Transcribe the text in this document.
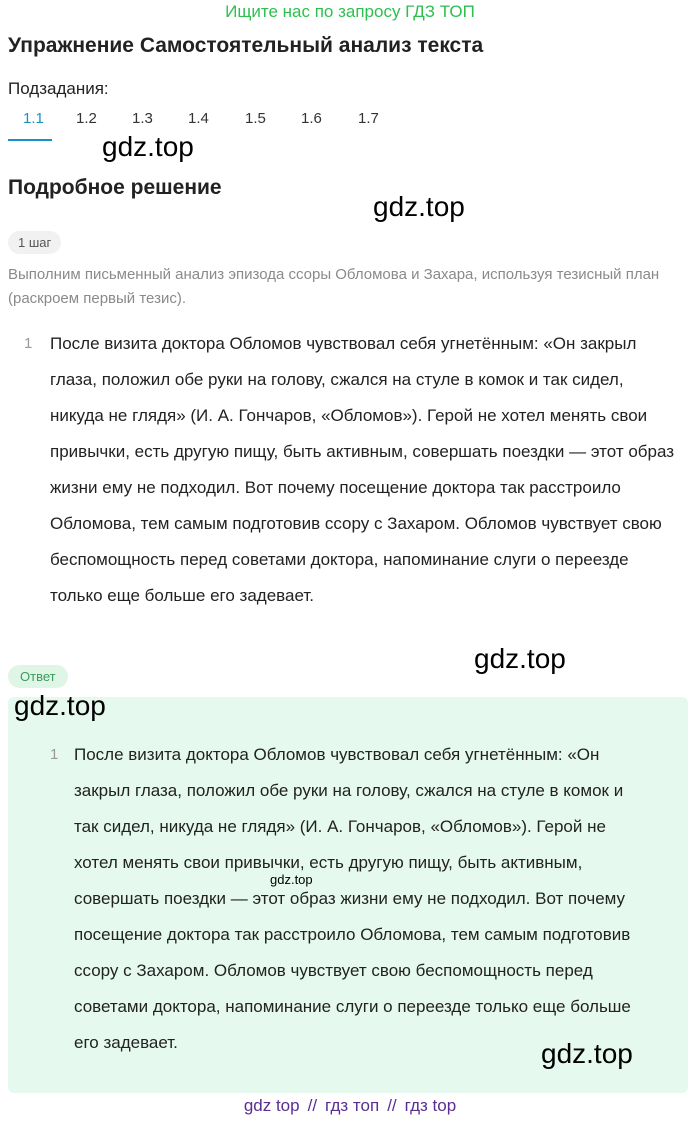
Ищите нас по запросу ГДЗ ТОП
Упражнение Самостоятельный анализ текста
Подзадания:
1.1 1.2 1.3 1.4 1.5 1.6 1.7
gdz.top
Подробное решение
gdz.top
1 шаг

Выполним письменный анализ эпизода ссоры Обломова и Захара, используя тезисный план (раскроем первый тезис).

1	После визита доктора Обломов чувствовал себя угнетённым: «Он закрыл глаза, положил обе руки на голову, сжался на стуле в комок и так сидел, никуда не глядя» (И. А. Гончаров, «Обломов»). Герой не хотел менять свои привычки, есть другую пищу, быть активным, совершать поездки — этот образ жизни ему не подходил. Вот почему посещение доктора так расстроило Обломова, тем самым подготовив ссору с Захаром. Обломов чувствует свою беспомощность перед советами доктора, напоминание слуги о переезде только еще больше его задевает.

gdz.top
Ответ
1 После визита доктора Обломов чувствовал себя угнетённым: «Он закрыл глаза, положил обе руки на голову, сжался на стуле в комок и так сидел, никуда не глядя» (И. А. Гончаров, «Обломов»). Герой не хотел менять свои привычки, есть другую пищу, быть активным, совершать поездки — этот образ жизни ему не подходил. Вот почему посещение доктора так расстроило Обломова, тем самым подготовив ссору с Захаром. Обломов чувствует свою беспомощность перед советами доктора, напоминание слуги о переезде только еще больше его задевает.

gdz.top
gdz.top
gdz.top
gdz top // гдз топ // гдз top
